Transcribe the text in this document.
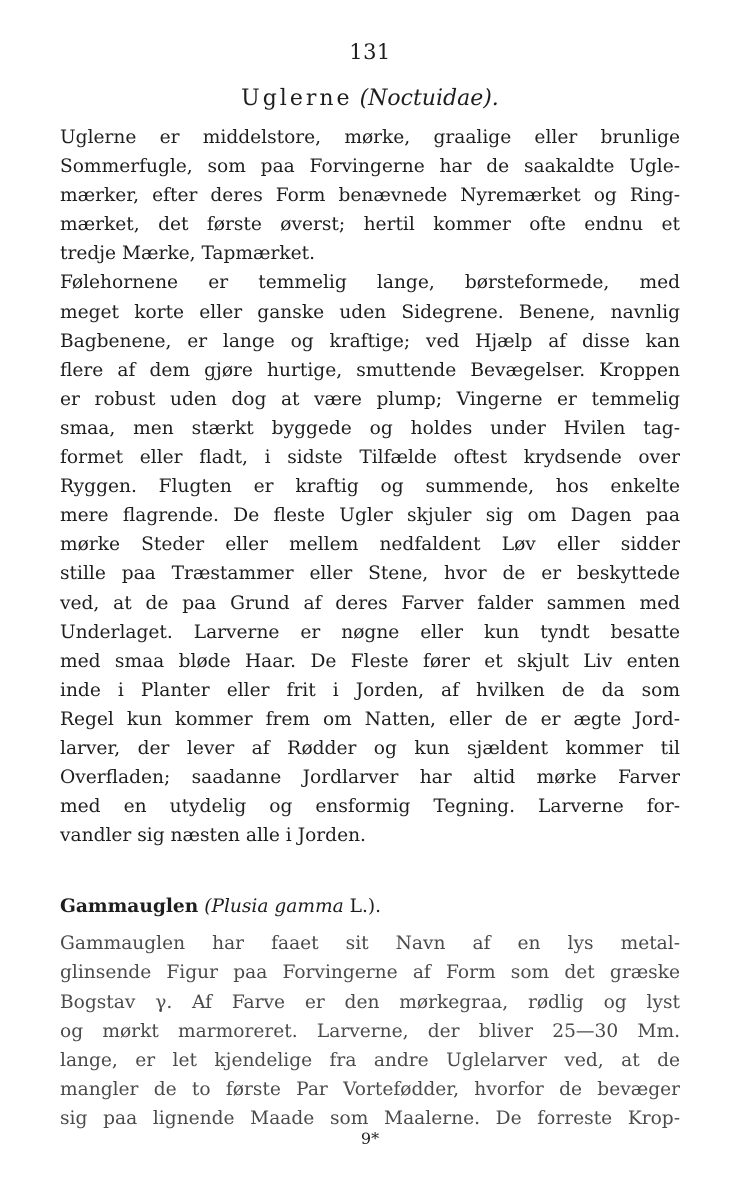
131
Uglerne (Noctuidae).
Uglerne er middelstore, mørke, graalige eller brunlige
Sommerfugle, som paa Forvingerne har de saakaldte Ugle-
mærker, efter deres Form benævnede Nyremærket og Ring-
mærket, det første øverst; hertil kommer ofte endnu et
tredje Mærke, Tapmærket.
Følehornene er temmelig lange, børsteformede, med
meget korte eller ganske uden Sidegrene. Benene, navnlig
Bagbenene, er lange og kraftige; ved Hjælp af disse kan
flere af dem gjøre hurtige, smuttende Bevægelser. Kroppen
er robust uden dog at være plump; Vingerne er temmelig
smaa, men stærkt byggede og holdes under Hvilen tag-
formet eller fladt, i sidste Tilfælde oftest krydsende over
Ryggen. Flugten er kraftig og summende, hos enkelte
mere flagrende. De fleste Ugler skjuler sig om Dagen paa
mørke Steder eller mellem nedfaldent Løv eller sidder
stille paa Træstammer eller Stene, hvor de er beskyttede
ved, at de paa Grund af deres Farver falder sammen med
Underlaget. Larverne er nøgne eller kun tyndt besatte
med smaa bløde Haar. De Fleste fører et skjult Liv enten
inde i Planter eller frit i Jorden, af hvilken de da som
Regel kun kommer frem om Natten, eller de er ægte Jord-
larver, der lever af Rødder og kun sjældent kommer til
Overfladen; saadanne Jordlarver har altid mørke Farver
med en utydelig og ensformig Tegning. Larverne for-
vandler sig næsten alle i Jorden.
Gammauglen (Plusia gamma L.).
Gammauglen har faaet sit Navn af en lys metal-
glinsende Figur paa Forvingerne af Form som det græske
Bogstav γ. Af Farve er den mørkegraa, rødlig og lyst
og mørkt marmoreret. Larverne, der bliver 25—30 Mm.
lange, er let kjendelige fra andre Uglelarver ved, at de
mangler de to første Par Vortefødder, hvorfor de bevæger
sig paa lignende Maade som Maalerne. De forreste Krop-
9*
